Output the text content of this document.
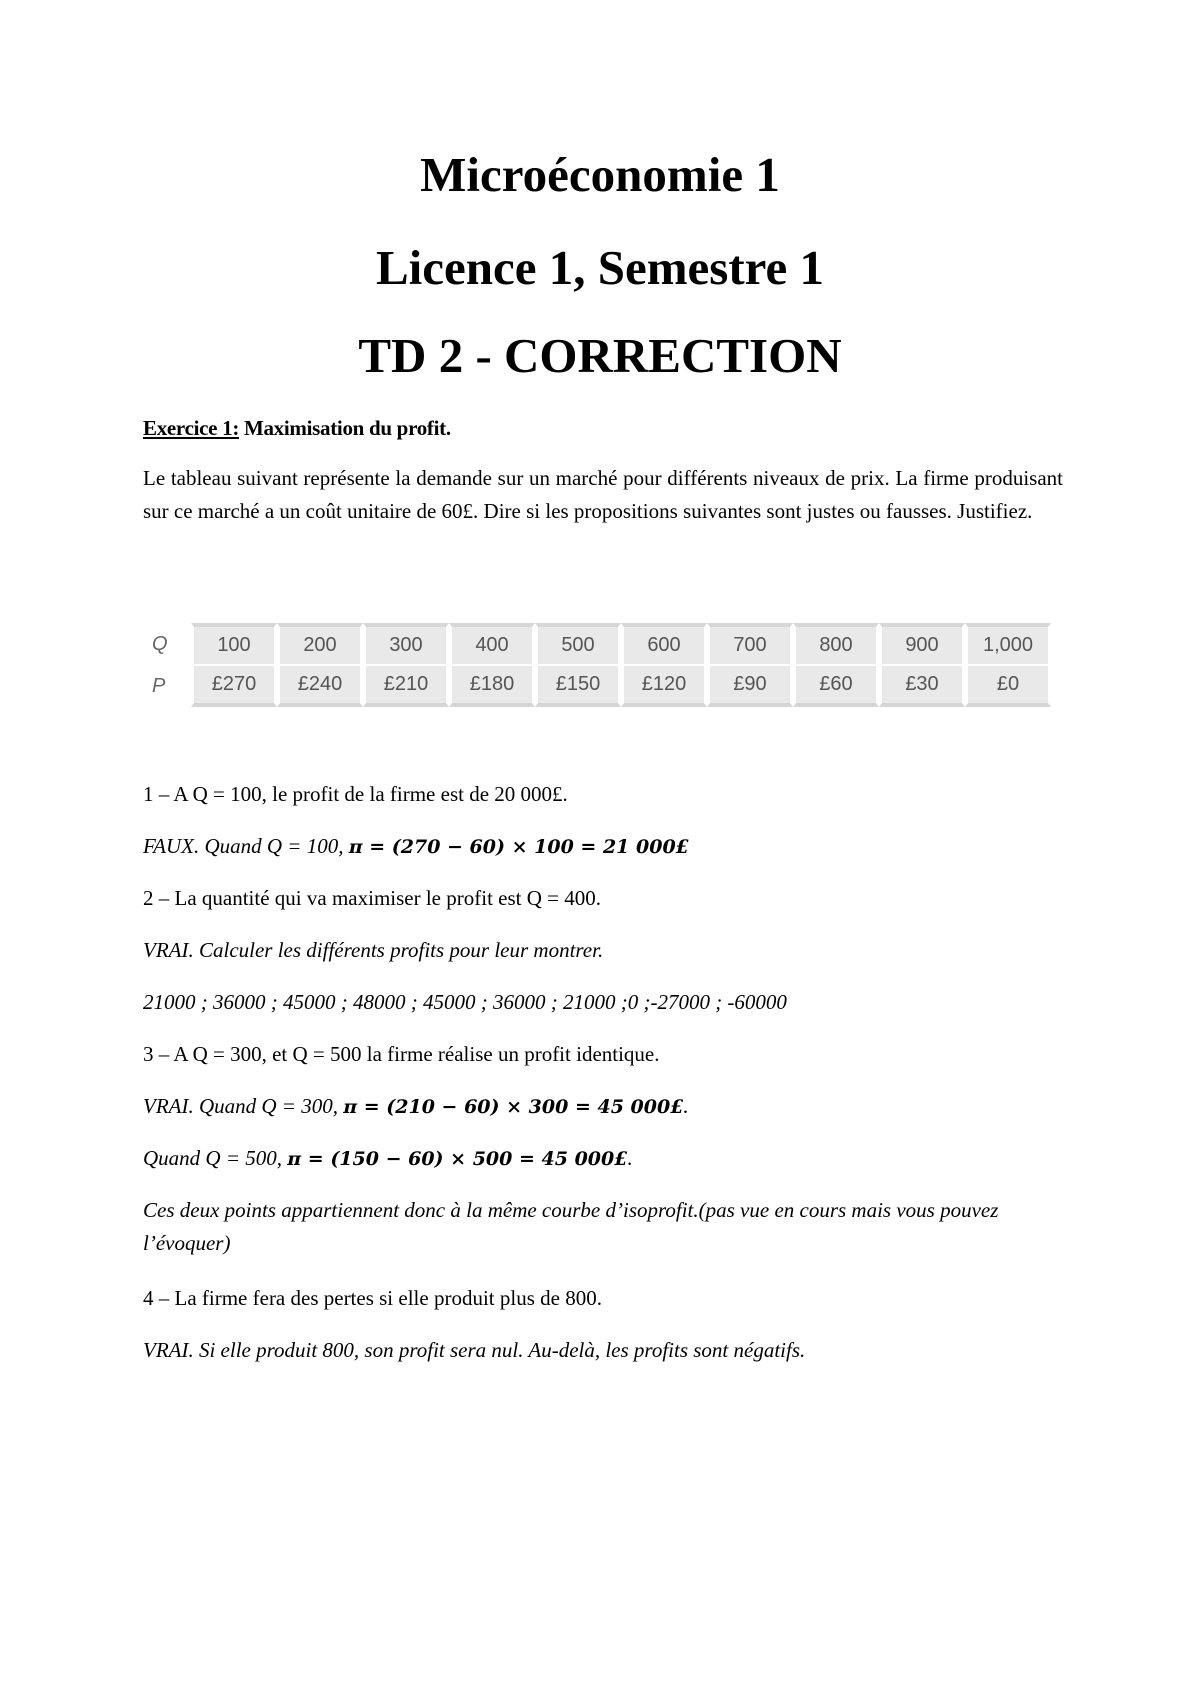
Microéconomie 1
Licence 1, Semestre 1
TD 2 - CORRECTION
Exercice 1: Maximisation du profit.

Le tableau suivant représente la demande sur un marché pour différents niveaux de prix. La firme produisant sur ce marché a un coût unitaire de 60£. Dire si les propositions suivantes sont justes ou fausses. Justifiez.

Q	100	200	300	400	500	600	700	800	900	1,000
P	£270	£240	£210	£180	£150	£120	£90	£60	£30	£0

1 – A Q = 100, le profit de la firme est de 20 000£.

FAUX. Quand Q = 100, π = (270 − 60) × 100 = 21 000£

2 – La quantité qui va maximiser le profit est Q = 400.

VRAI. Calculer les différents profits pour leur montrer.

21000 ; 36000 ; 45000 ; 48000 ; 45000 ; 36000 ; 21000 ;0 ;-27000 ; -60000

3 – A Q = 300, et Q = 500 la firme réalise un profit identique.

VRAI. Quand Q = 300, π = (210 − 60) × 300 = 45 000£.

Quand Q = 500, π = (150 − 60) × 500 = 45 000£.

Ces deux points appartiennent donc à la même courbe d’isoprofit.(pas vue en cours mais vous pouvez l’évoquer)

4 – La firme fera des pertes si elle produit plus de 800.

VRAI. Si elle produit 800, son profit sera nul. Au-delà, les profits sont négatifs.
